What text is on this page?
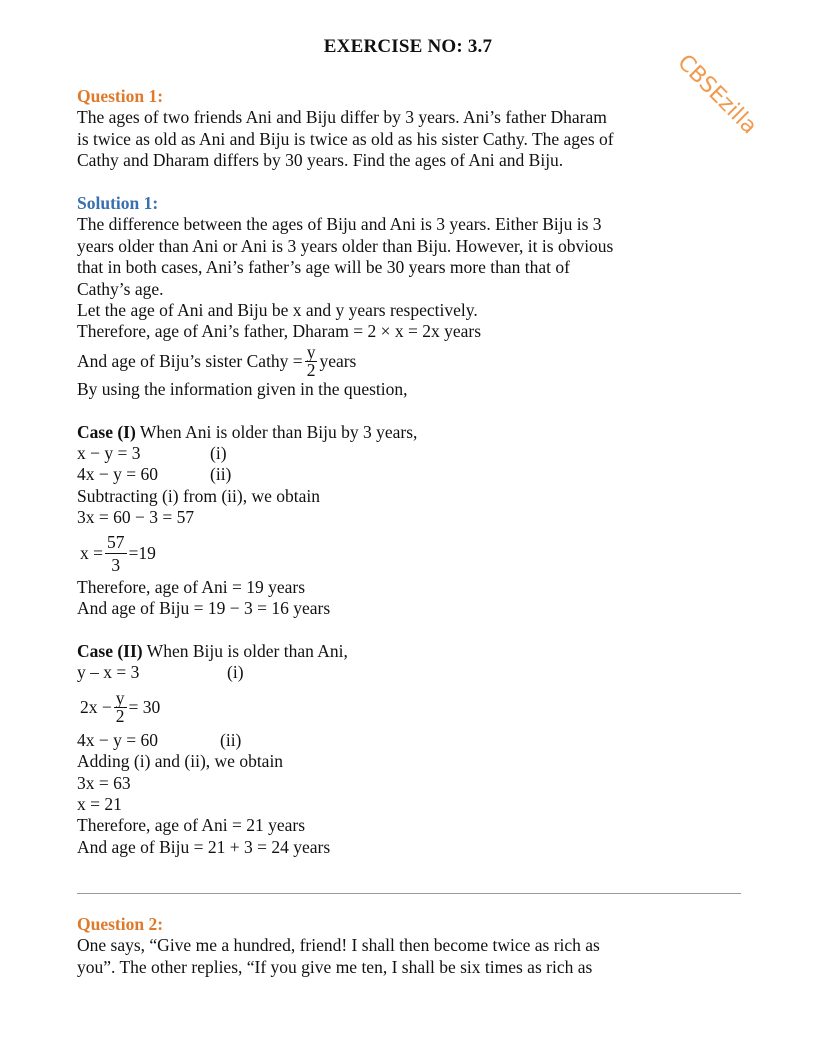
EXERCISE NO: 3.7
CBSEzilla
Question 1:
The ages of two friends Ani and Biju differ by 3 years. Ani’s father Dharam
is twice as old as Ani and Biju is twice as old as his sister Cathy. The ages of
Cathy and Dharam differs by 30 years. Find the ages of Ani and Biju.
Solution 1:
The difference between the ages of Biju and Ani is 3 years. Either Biju is 3
years older than Ani or Ani is 3 years older than Biju. However, it is obvious
that in both cases, Ani’s father’s age will be 30 years more than that of
Cathy’s age.
Let the age of Ani and Biju be x and y years respectively.
Therefore, age of Ani’s father, Dharam = 2 × x = 2x years
And age of Biju’s sister Cathy = $\frac{y}{2}$ years
By using the information given in the question,
Case (I) When Ani is older than Biju by 3 years,
x − y = 3	(i)
4x − y = 60	(ii)
Subtracting (i) from (ii), we obtain
3x = 60 − 3 = 57
$x = \frac{57}{3} =19$
Therefore, age of Ani = 19 years
And age of Biju = 19 − 3 = 16 years
Case (II) When Biju is older than Ani,
y – x = 3	(i)
$2x - \frac{y}{2} = 30$
4x − y = 60	(ii)
Adding (i) and (ii), we obtain
3x = 63
x = 21
Therefore, age of Ani = 21 years
And age of Biju = 21 + 3 = 24 years
Question 2:
One says, “Give me a hundred, friend! I shall then become twice as rich as
you”. The other replies, “If you give me ten, I shall be six times as rich as
